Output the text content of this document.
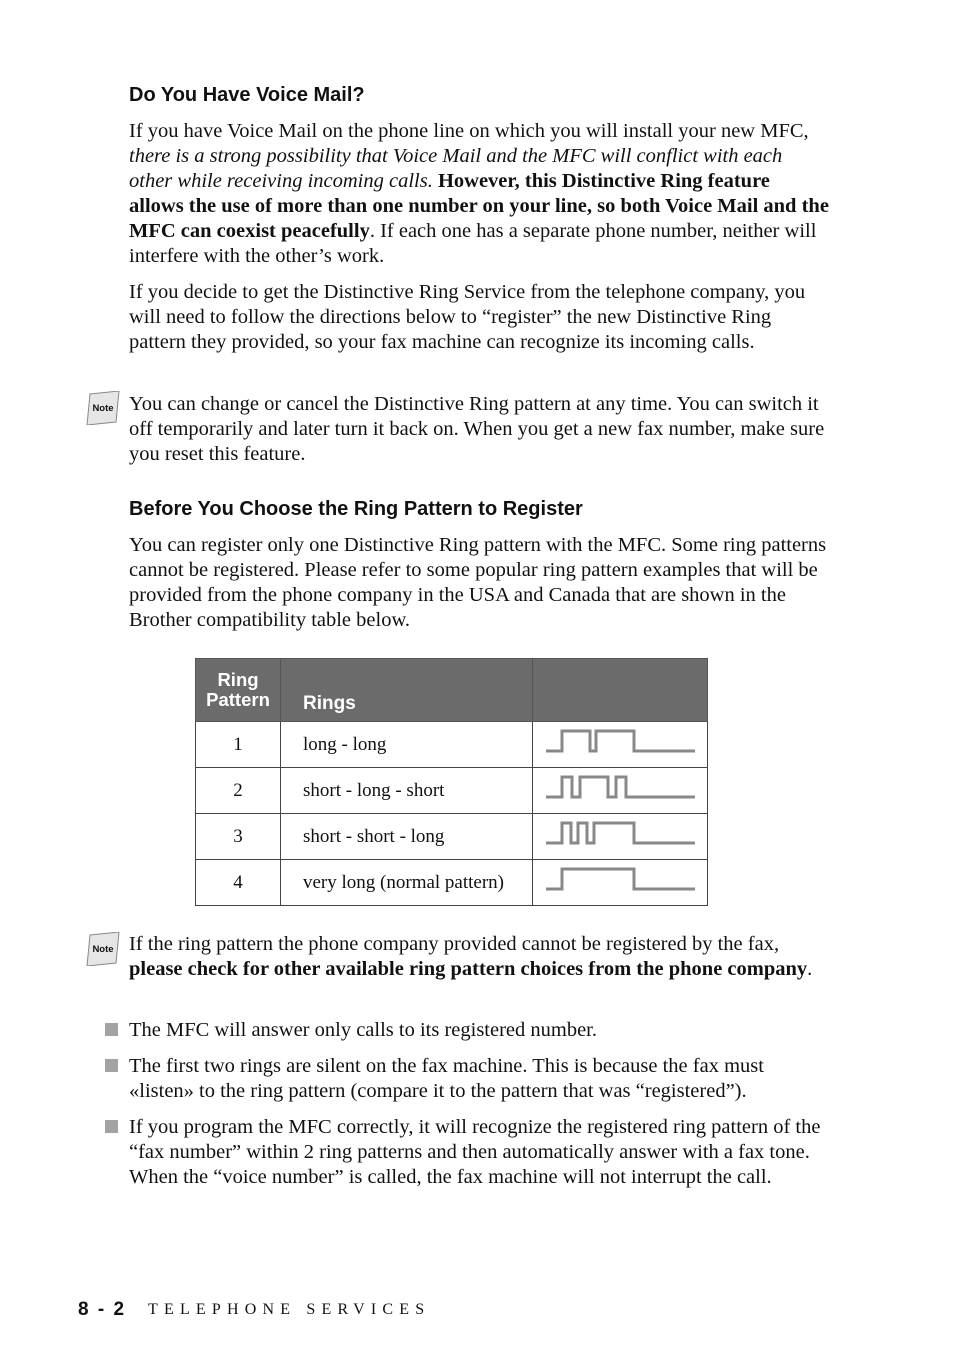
Do You Have Voice Mail?

If you have Voice Mail on the phone line on which you will install your new MFC, there is a strong possibility that Voice Mail and the MFC will conflict with each other while receiving incoming calls. However, this Distinctive Ring feature allows the use of more than one number on your line, so both Voice Mail and the MFC can coexist peacefully. If each one has a separate phone number, neither will interfere with the other’s work.

If you decide to get the Distinctive Ring Service from the telephone company, you will need to follow the directions below to “register” the new Distinctive Ring pattern they provided, so your fax machine can recognize its incoming calls.

Note You can change or cancel the Distinctive Ring pattern at any time. You can switch it off temporarily and later turn it back on. When you get a new fax number, make sure you reset this feature.

Before You Choose the Ring Pattern to Register

You can register only one Distinctive Ring pattern with the MFC. Some ring patterns cannot be registered. Please refer to some popular ring pattern examples that will be provided from the phone company in the USA and Canada that are shown in the Brother compatibility table below.

Ring
Pattern	Rings	
1	long - long	
2	short - long - short	
3	short - short - long	
4	very long (normal pattern)	
Note If the ring pattern the phone company provided cannot be registered by the fax, please check for other available ring pattern choices from the phone company.

The MFC will answer only calls to its registered number.

The first two rings are silent on the fax machine. This is because the fax must «listen» to the ring pattern (compare it to the pattern that was “registered”).

If you program the MFC correctly, it will recognize the registered ring pattern of the “fax number” within 2 ring patterns and then automatically answer with a fax tone. When the “voice number” is called, the fax machine will not interrupt the call.

8 - 2 TELEPHONE SERVICES
